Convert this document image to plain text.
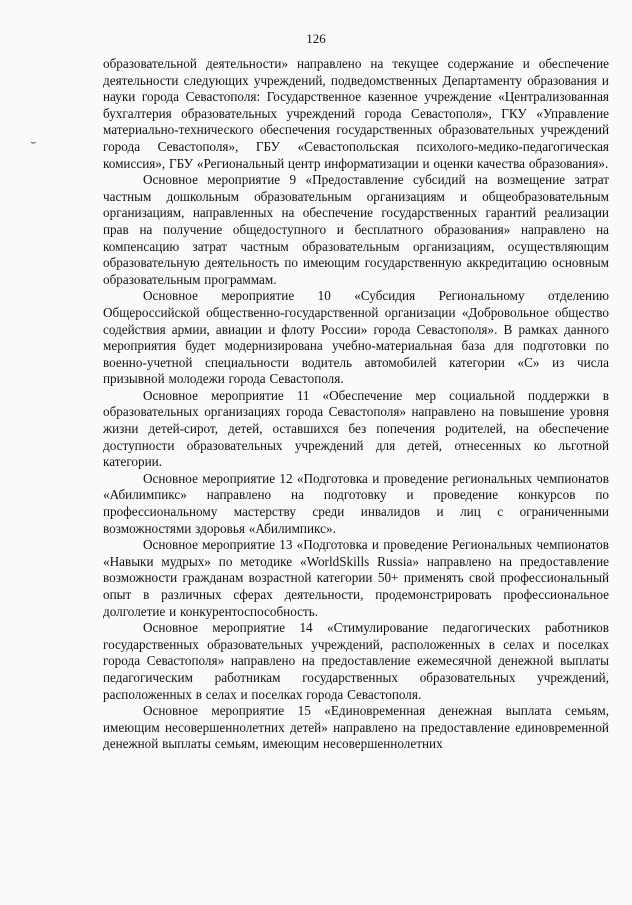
126
⌣

образовательной деятельности» направлено на текущее содержание и обеспечение деятельности следующих учреждений, подведомственных Департаменту образования и науки города Севастополя: Государственное казенное учреждение «Централизованная бухгалтерия образовательных учреждений города Севастополя», ГКУ «Управление материально-технического обеспечения государственных образовательных учреждений города Севастополя», ГБУ «Севастопольская психолого-медико-педагогическая комиссия», ГБУ «Региональный центр информатизации и оценки качества образования».

Основное мероприятие 9 «Предоставление субсидий на возмещение затрат частным дошкольным образовательным организациям и общеобразовательным организациям, направленных на обеспечение государственных гарантий реализации прав на получение общедоступного и бесплатного образования» направлено на компенсацию затрат частным образовательным организациям, осуществляющим образовательную деятельность по имеющим государственную аккредитацию основным образовательным программам.

Основное мероприятие 10 «Субсидия Региональному отделению Общероссийской общественно-государственной организации «Добровольное общество содействия армии, авиации и флоту России» города Севастополя». В рамках данного мероприятия будет модернизирована учебно-материальная база для подготовки по военно-учетной специальности водитель автомобилей категории «С» из числа призывной молодежи города Севастополя.

Основное мероприятие 11 «Обеспечение мер социальной поддержки в образовательных организациях города Севастополя» направлено на повышение уровня жизни детей-сирот, детей, оставшихся без попечения родителей, на обеспечение доступности образовательных учреждений для детей, отнесенных ко льготной категории.

Основное мероприятие 12 «Подготовка и проведение региональных чемпионатов «Абилимпикс» направлено на подготовку и проведение конкурсов по профессиональному мастерству среди инвалидов и лиц с ограниченными возможностями здоровья «Абилимпикс».

Основное мероприятие 13 «Подготовка и проведение Региональных чемпионатов «Навыки мудрых» по методике «WorldSkills Russia» направлено на предоставление возможности гражданам возрастной категории 50+ применять свой профессиональный опыт в различных сферах деятельности, продемонстрировать профессиональное долголетие и конкурентоспособность.

Основное мероприятие 14 «Стимулирование педагогических работников государственных образовательных учреждений, расположенных в селах и поселках города Севастополя» направлено на предоставление ежемесячной денежной выплаты педагогическим работникам государственных образовательных учреждений, расположенных в селах и поселках города Севастополя.

Основное мероприятие 15 «Единовременная денежная выплата семьям, имеющим несовершеннолетних детей» направлено на предоставление единовременной денежной выплаты семьям, имеющим несовершеннолетних
